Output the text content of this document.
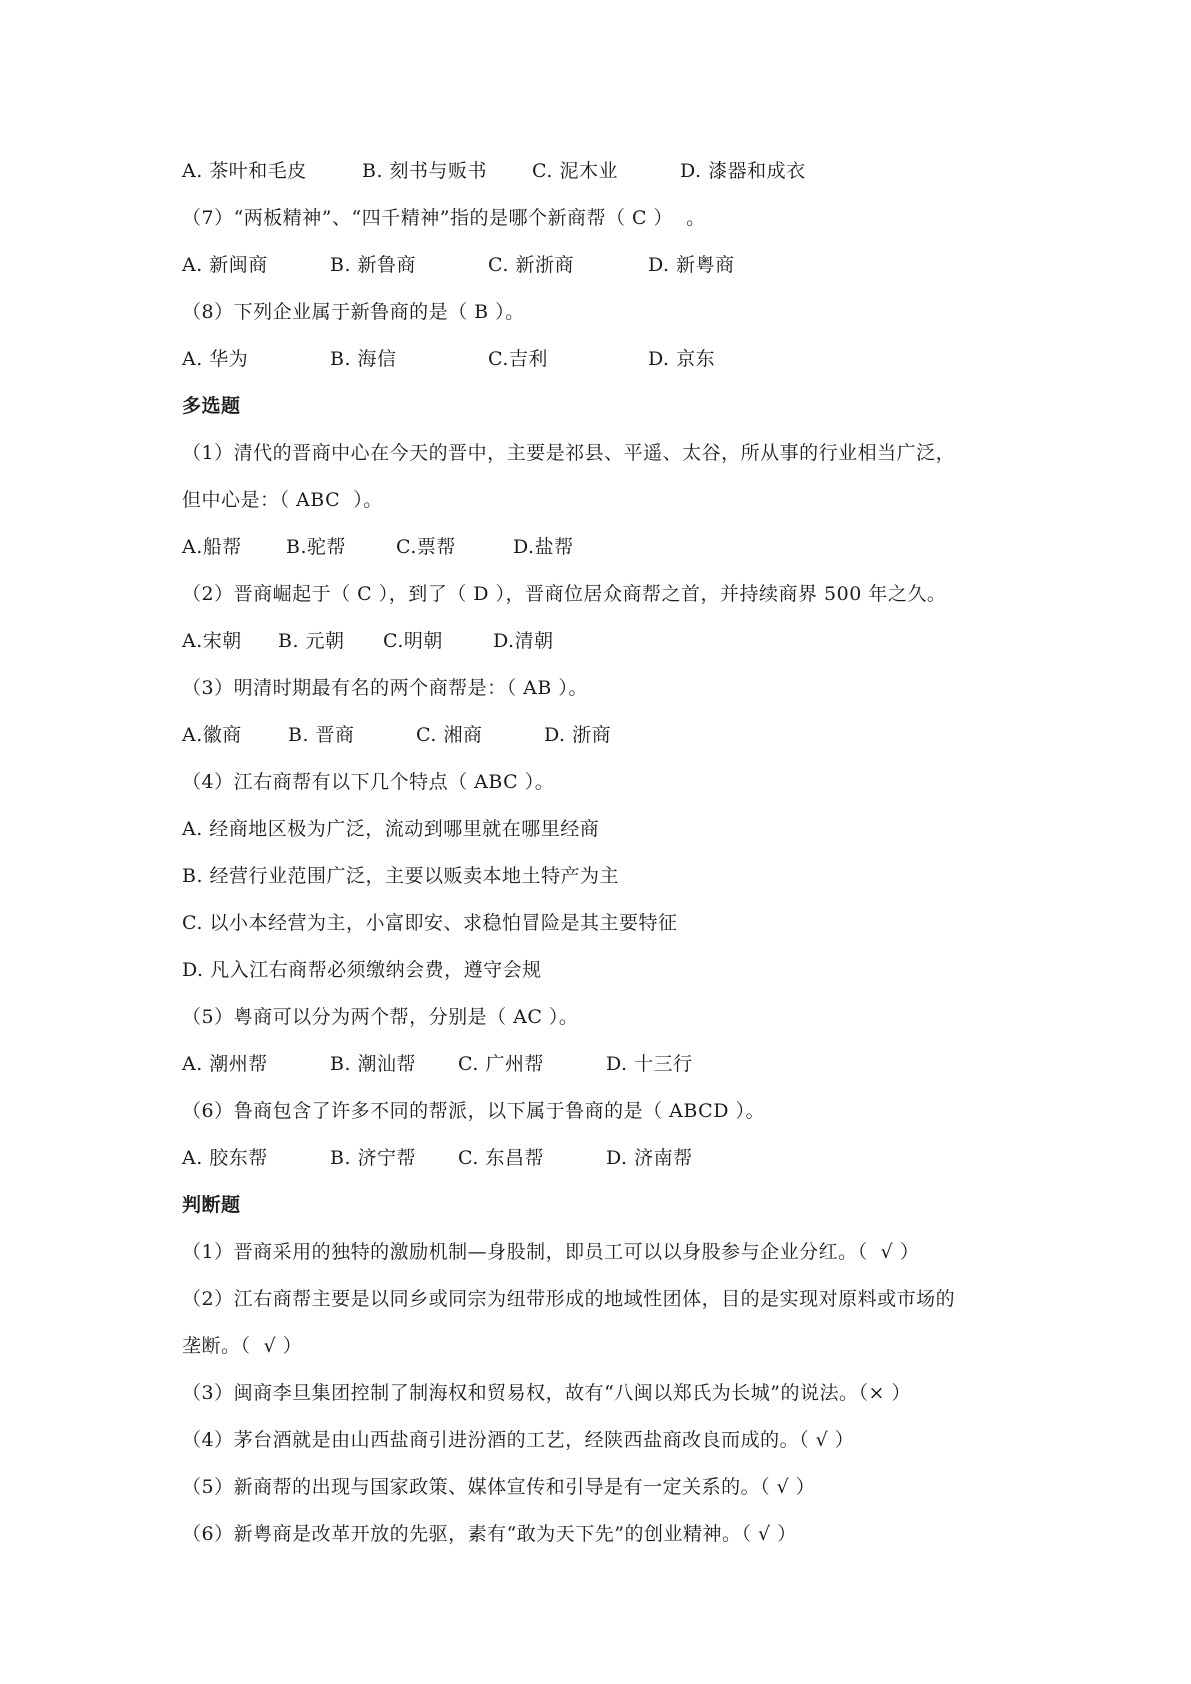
A. 茶叶和毛皮	B. 刻书与贩书	C. 泥木业	D. 漆器和成衣
（7）“两板精神”、“四千精神”指的是哪个新商帮（ C ）  。
A. 新闽商	B. 新鲁商	C. 新浙商	D. 新粤商
（8）下列企业属于新鲁商的是（ B ）。
A. 华为	B. 海信	C.吉利	D. 京东
多选题
（1）清代的晋商中心在今天的晋中，主要是祁县、平遥、太谷，所从事的行业相当广泛，
但中心是：（ ABC  ）。
A.船帮	B.驼帮	C.票帮	D.盐帮
（2）晋商崛起于（ C ），到了（ D ），晋商位居众商帮之首，并持续商界 500 年之久。
A.宋朝	B. 元朝	C.明朝	D.清朝
（3）明清时期最有名的两个商帮是：（ AB ）。
A.徽商	B. 晋商	C. 湘商	D. 浙商
（4）江右商帮有以下几个特点（ ABC ）。
A. 经商地区极为广泛，流动到哪里就在哪里经商
B. 经营行业范围广泛，主要以贩卖本地土特产为主
C. 以小本经营为主，小富即安、求稳怕冒险是其主要特征
D. 凡入江右商帮必须缴纳会费，遵守会规
（5）粤商可以分为两个帮，分别是（ AC ）。
A. 潮州帮	B. 潮汕帮	C. 广州帮	D. 十三行
（6）鲁商包含了许多不同的帮派，以下属于鲁商的是（ ABCD ）。
A. 胶东帮	B. 济宁帮	C. 东昌帮	D. 济南帮
判断题
（1）晋商采用的独特的激励机制—身股制，即员工可以以身股参与企业分红。（  √ ）
（2）江右商帮主要是以同乡或同宗为纽带形成的地域性团体，目的是实现对原料或市场的
垄断。（  √ ）
（3）闽商李旦集团控制了制海权和贸易权，故有“八闽以郑氏为长城”的说法。（× ）
（4）茅台酒就是由山西盐商引进汾酒的工艺，经陕西盐商改良而成的。（ √ ）
（5）新商帮的出现与国家政策、媒体宣传和引导是有一定关系的。（ √ ）
（6）新粤商是改革开放的先驱，素有“敢为天下先”的创业精神。（ √ ）
